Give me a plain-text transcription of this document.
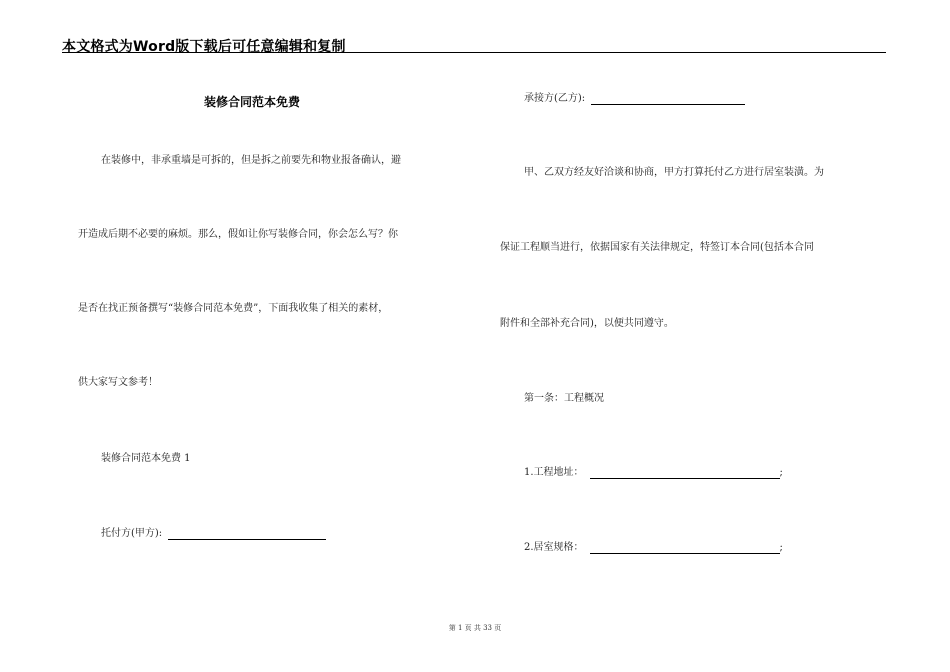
本文格式为Word版下载后可任意编辑和复制
装修合同范本免费
在装修中，非承重墙是可拆的，但是拆之前要先和物业报备确认，避
开造成后期不必要的麻烦。那么，假如让你写装修合同，你会怎么写？你
是否在找正预备撰写“装修合同范本免费”，下面我收集了相关的素材，
供大家写文参考！
装修合同范本免费 1
托付方(甲方):
承接方(乙方):
甲、乙双方经友好洽谈和协商，甲方打算托付乙方进行居室装潢。为
保证工程顺当进行，依据国家有关法律规定，特签订本合同(包括本合同
附件和全部补充合同)，以便共同遵守。
第一条：工程概况
1.工程地址：	;
2.居室规格：	;
第 1 页 共 33 页
